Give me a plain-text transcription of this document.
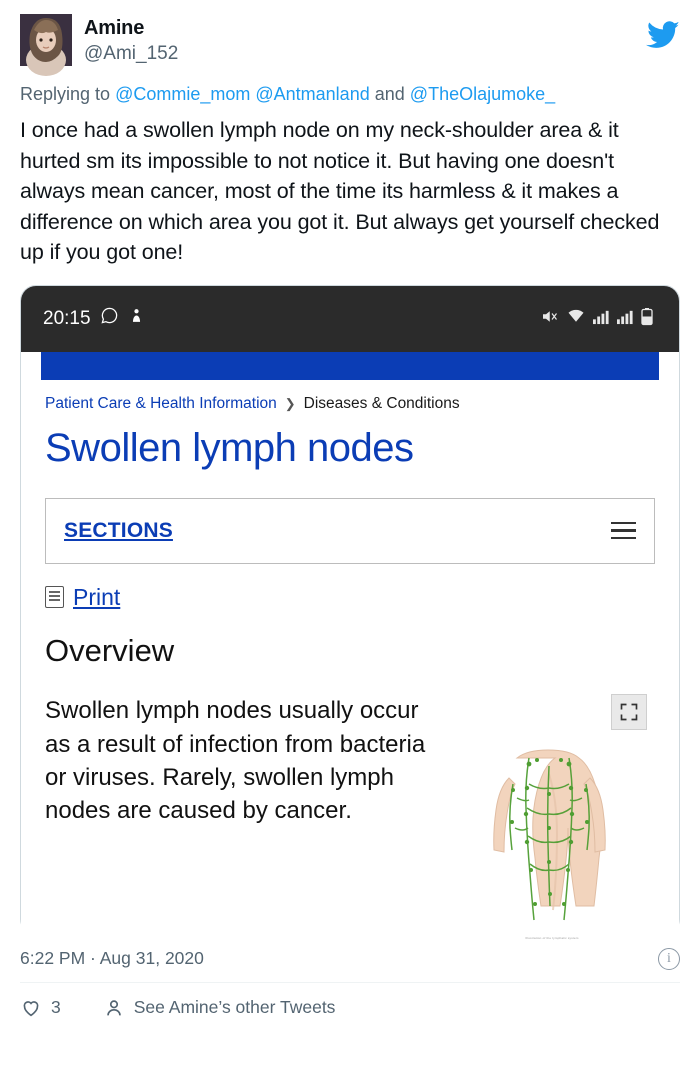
Amine
@Ami_152
Replying to @Commie_mom @Antmanland and @TheOlajumoke_
I once had a swollen lymph node on my neck-shoulder area & it hurted sm its impossible to not notice it. But having one doesn't always mean cancer, most of the time its harmless & it makes a difference on which area you got it. But always get yourself checked up if you got one!
20:15
Patient Care & Health Information ❯ Diseases & Conditions
Swollen lymph nodes
SECTIONS
Print
Overview
Swollen lymph nodes usually occur as a result of infection from bacteria or viruses. Rarely, swollen lymph nodes are caused by cancer.
Illustration of the lymphatic system
6:22 PM · Aug 31, 2020	i
3	See Amine’s other Tweets
